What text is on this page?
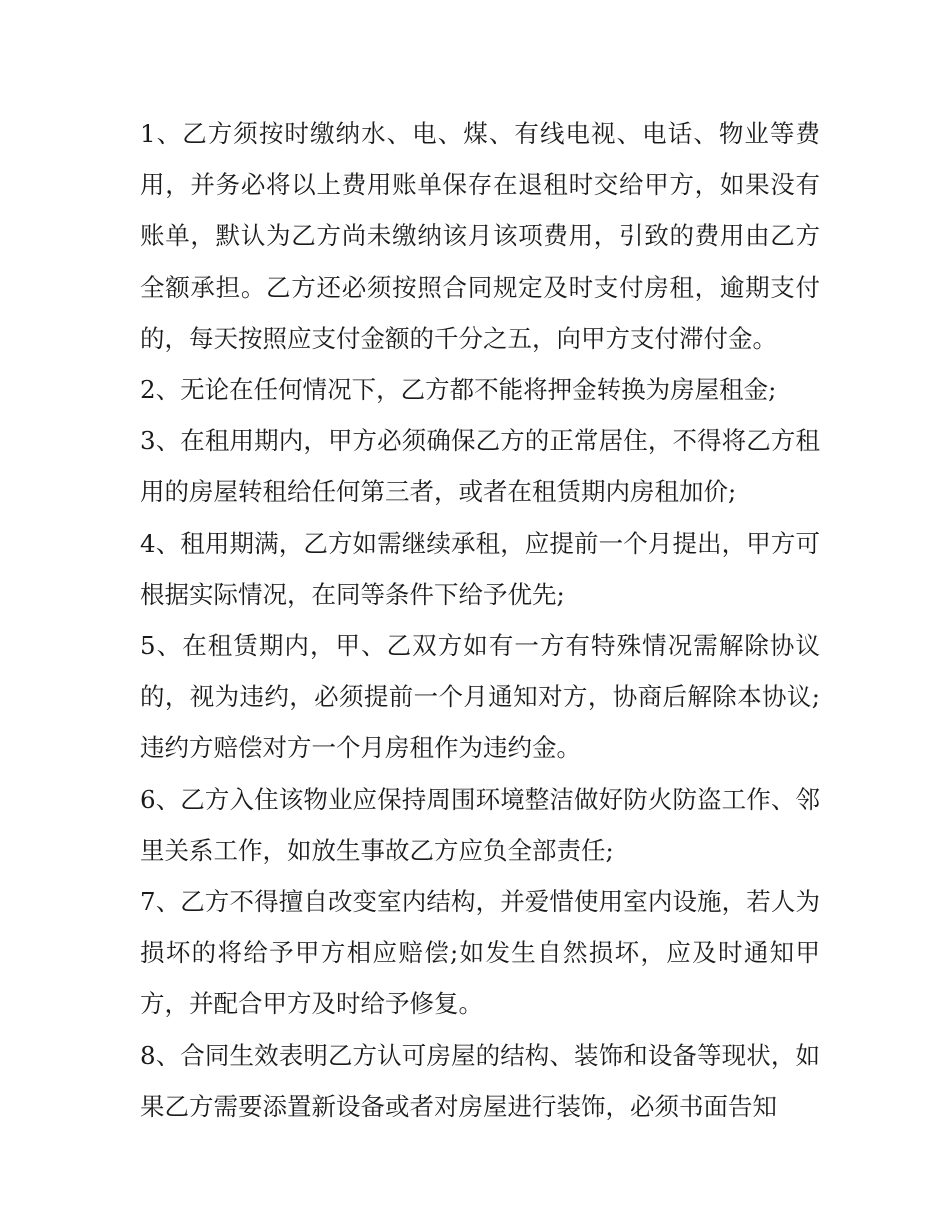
1、乙方须按时缴纳水、电、煤、有线电视、电话、物业等费用，并务必将以上费用账单保存在退租时交给甲方，如果没有账单，默认为乙方尚未缴纳该月该项费用，引致的费用由乙方全额承担。乙方还必须按照合同规定及时支付房租，逾期支付的，每天按照应支付金额的千分之五，向甲方支付滞付金。

2、无论在任何情况下，乙方都不能将押金转换为房屋租金;

3、在租用期内，甲方必须确保乙方的正常居住，不得将乙方租用的房屋转租给任何第三者，或者在租赁期内房租加价;

4、租用期满，乙方如需继续承租，应提前一个月提出，甲方可根据实际情况，在同等条件下给予优先;

5、在租赁期内，甲、乙双方如有一方有特殊情况需解除协议的，视为违约，必须提前一个月通知对方，协商后解除本协议;违约方赔偿对方一个月房租作为违约金。

6、乙方入住该物业应保持周围环境整洁做好防火防盗工作、邻里关系工作，如放生事故乙方应负全部责任;

7、乙方不得擅自改变室内结构，并爱惜使用室内设施，若人为损坏的将给予甲方相应赔偿;如发生自然损坏，应及时通知甲方，并配合甲方及时给予修复。

8、合同生效表明乙方认可房屋的结构、装饰和设备等现状，如果乙方需要添置新设备或者对房屋进行装饰，必须书面告知
